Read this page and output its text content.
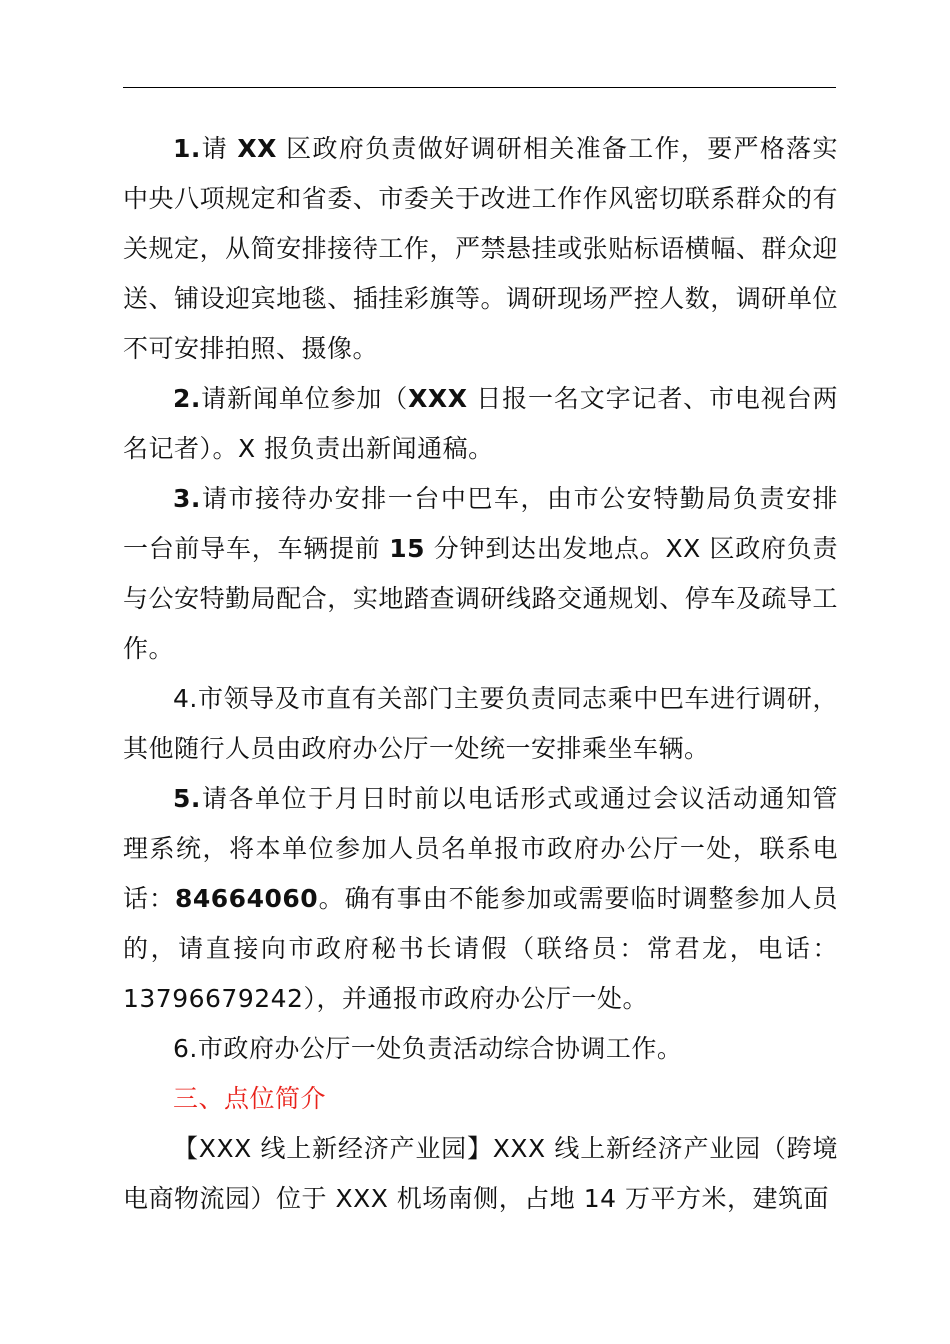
1.请 XX 区政府负责做好调研相关准备工作，要严格落实中央八项规定和省委、市委关于改进工作作风密切联系群众的有关规定，从简安排接待工作，严禁悬挂或张贴标语横幅、群众迎送、铺设迎宾地毯、插挂彩旗等。调研现场严控人数，调研单位不可安排拍照、摄像。

2.请新闻单位参加（XXX 日报一名文字记者、市电视台两名记者）。X 报负责出新闻通稿。

3.请市接待办安排一台中巴车，由市公安特勤局负责安排一台前导车，车辆提前 15 分钟到达出发地点。XX 区政府负责与公安特勤局配合，实地踏查调研线路交通规划、停车及疏导工作。

4.市领导及市直有关部门主要负责同志乘中巴车进行调研，其他随行人员由政府办公厅一处统一安排乘坐车辆。

5.请各单位于月日时前以电话形式或通过会议活动通知管理系统，将本单位参加人员名单报市政府办公厅一处，联系电话：84664060。确有事由不能参加或需要临时调整参加人员的，请直接向市政府秘书长请假（联络员：常君龙，电话：13796679242），并通报市政府办公厅一处。

6.市政府办公厅一处负责活动综合协调工作。

三、点位简介

【XXX 线上新经济产业园】XXX 线上新经济产业园（跨境电商物流园）位于 XXX 机场南侧，占地 14 万平方米，建筑面
